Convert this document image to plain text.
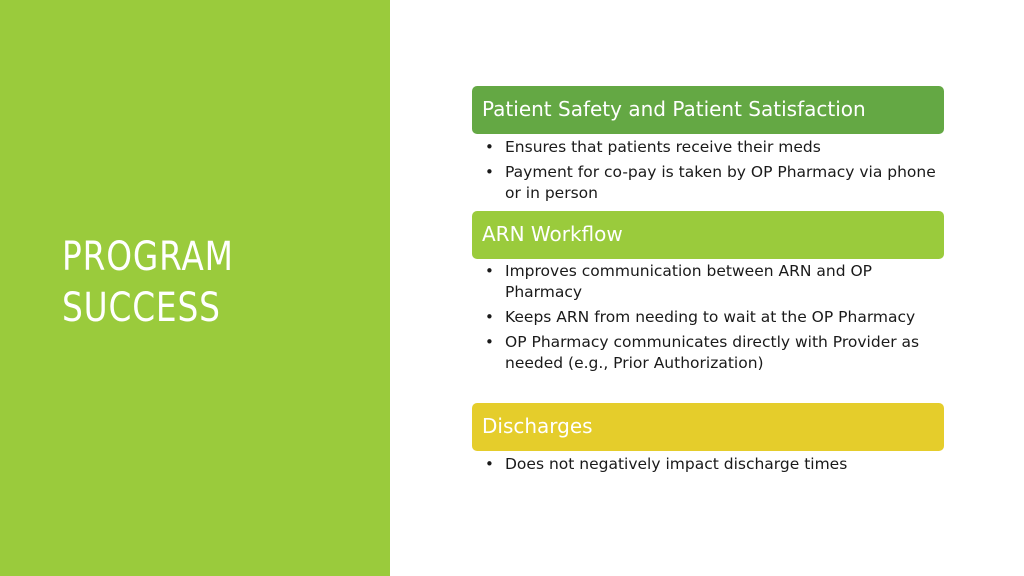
PROGRAM
SUCCESS
Patient Safety and Patient Satisfaction
• Ensures that patients receive their meds
• Payment for co-pay is taken by OP Pharmacy via phone or in person
ARN Workflow
• Improves communication between ARN and OP Pharmacy
• Keeps ARN from needing to wait at the OP Pharmacy
• OP Pharmacy communicates directly with Provider as needed (e.g., Prior Authorization)
Discharges
• Does not negatively impact discharge times
